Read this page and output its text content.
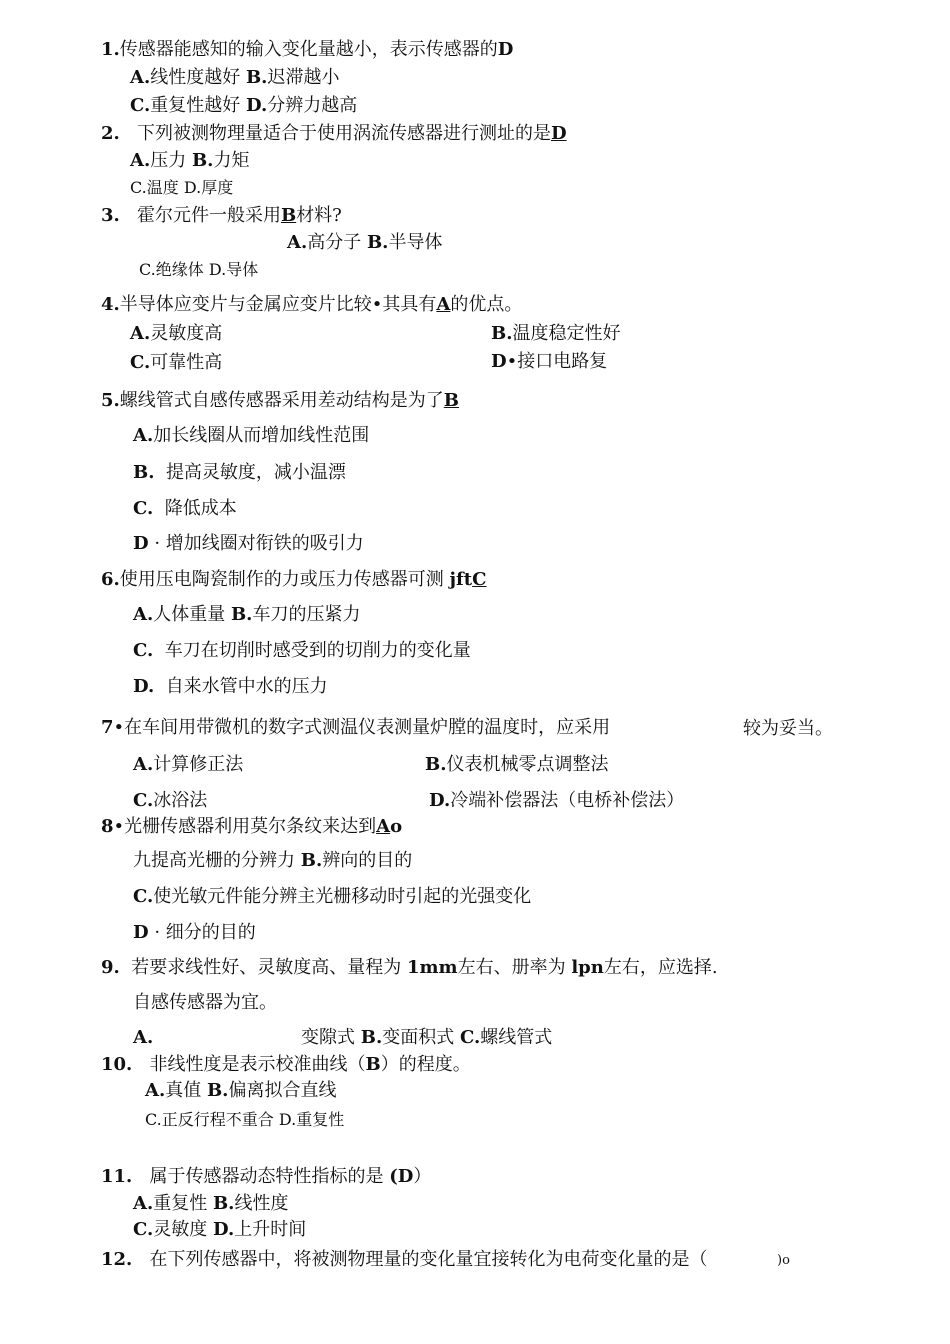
1.传感器能感知的输入变化量越小，表示传感器的D
A.线性度越好 B.迟滞越小
C.重复性越好 D.分辨力越高
2. 下列被测物理量适合于使用涡流传感器进行测址的是D
A.压力 B.力矩
C.温度 D.厚度
3. 霍尔元件一般采用B材料?
A.高分子 B.半导体
C.绝缘体 D.导体
4.半导体应变片与金属应变片比较•其具有A的优点。
A.灵敏度高	B.温度稳定性好
C.可靠性高	D•接口电路复
5.螺线管式自感传感器采用差动结构是为了B
A.加长线圈从而增加线性范围
B. 提高灵敏度，减小温漂
C. 降低成本
D · 增加线圈对衔铁的吸引力
6.使用压电陶瓷制作的力或压力传感器可测 jftC
A.人体重量 B.车刀的压紧力
C. 车刀在切削时感受到的切削力的变化量
D. 自来水管中水的压力
7•在车间用带微机的数字式测温仪表测量炉膛的温度时，应采用	较为妥当。
A.计算修正法	B.仪表机械零点调整法
C.冰浴法	D.冷端补偿器法（电桥补偿法）
8•光栅传感器利用莫尔条纹来达到Ao
九提高光栅的分辨力 B.辨向的目的
C.使光敏元件能分辨主光栅移动时引起的光强变化
D · 细分的目的
9. 若要求线性好、灵敏度高、量程为 1mm左右、册率为 lpn左右，应选择.
自感传感器为宜。
A.	变隙式 B.变面积式 C.螺线管式
10. 非线性度是表示校准曲线（B）的程度。
A.真值 B.偏离拟合直线
C.正反行程不重合 D.重复性
11. 属于传感器动态特性指标的是 (D）
A.重复性 B.线性度
C.灵敏度 D.上升时间
12. 在下列传感器中，将被测物理量的变化量宜接转化为电荷变化量的是（	)o
